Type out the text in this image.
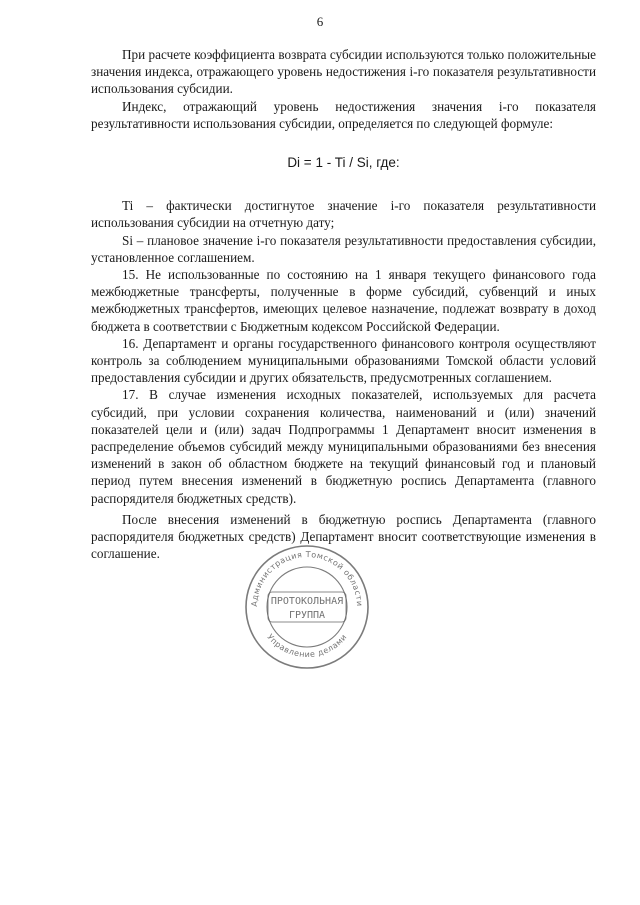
6

При расчете коэффициента возврата субсидии используются только положительные значения индекса, отражающего уровень недостижения i-го показателя результативности использования субсидии.

Индекс, отражающий уровень недостижения значения i-го показателя результативности использования субсидии, определяется по следующей формуле:

Di = 1 - Ti / Si, где:

Ti – фактически достигнутое значение i-го показателя результативности использования субсидии на отчетную дату;

Si – плановое значение i-го показателя результативности предоставления субсидии, установленное соглашением.

15. Не использованные по состоянию на 1 января текущего финансового года межбюджетные трансферты, полученные в форме субсидий, субвенций и иных межбюджетных трансфертов, имеющих целевое назначение, подлежат возврату в доход бюджета в соответствии с Бюджетным кодексом Российской Федерации.

16. Департамент и органы государственного финансового контроля осуществляют контроль за соблюдением муниципальными образованиями Томской области условий предоставления субсидии и других обязательств, предусмотренных соглашением.

17. В случае изменения исходных показателей, используемых для расчета субсидий, при условии сохранения количества, наименований и (или) значений показателей цели и (или) задач Подпрограммы 1 Департамент вносит изменения в распределение объемов субсидий между муниципальными образованиями без внесения изменений в закон об областном бюджете на текущий финансовый год и плановый период путем внесения изменений в бюджетную роспись Департамента (главного распорядителя бюджетных средств).

После внесения изменений в бюджетную роспись Департамента (главного распорядителя бюджетных средств) Департамент вносит соответствующие изменения в соглашение.

Администрация Томской области
Управление делами
ПРОТОКОЛЬНАЯ
ГРУППА
